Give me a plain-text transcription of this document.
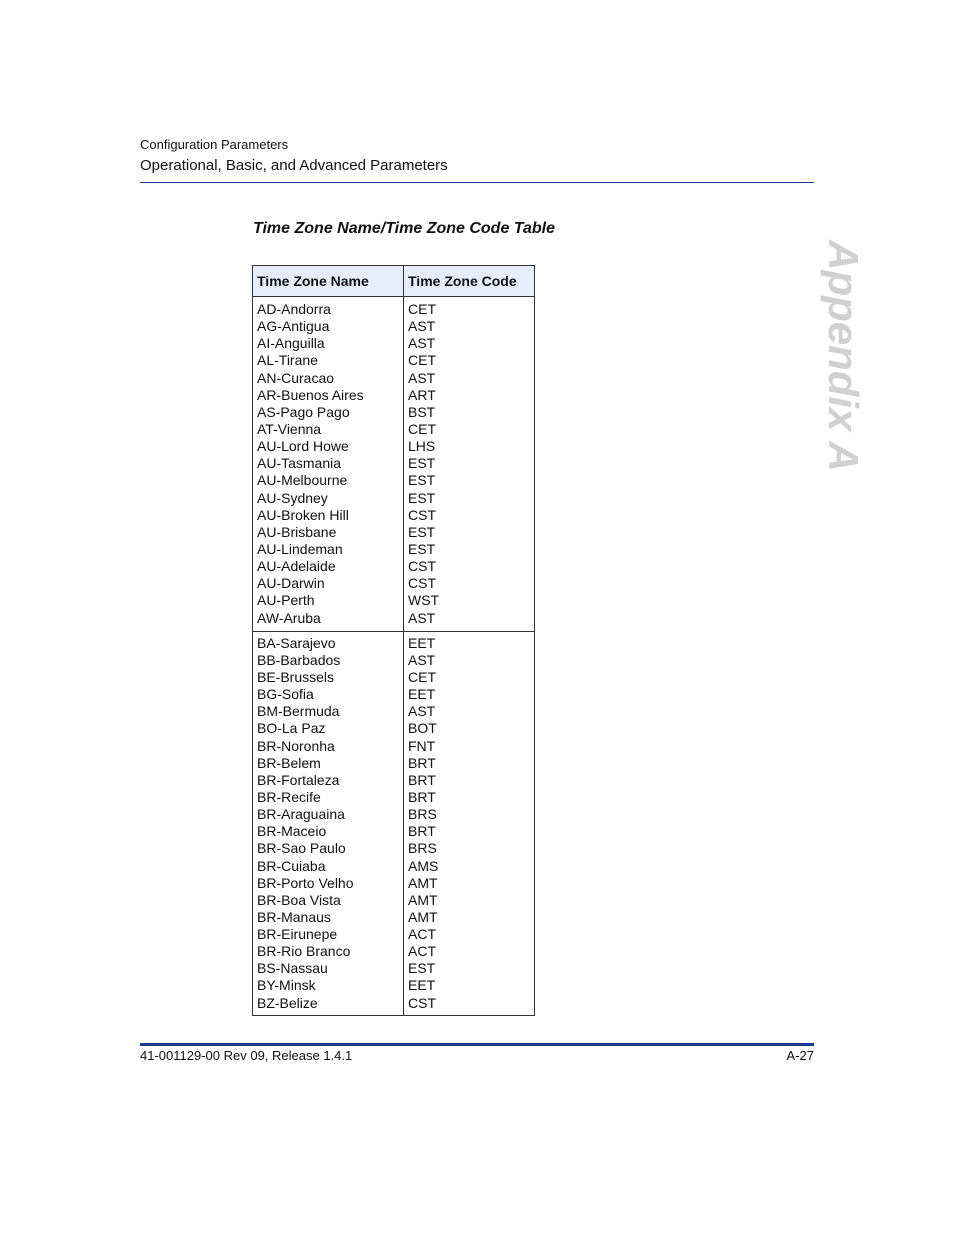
Configuration Parameters
Operational, Basic, and Advanced Parameters
Appendix A
Time Zone Name/Time Zone Code Table
Time Zone Name	Time Zone Code
AD-Andorra
AG-Antigua
AI-Anguilla
AL-Tirane
AN-Curacao
AR-Buenos Aires
AS-Pago Pago
AT-Vienna
AU-Lord Howe
AU-Tasmania
AU-Melbourne
AU-Sydney
AU-Broken Hill
AU-Brisbane
AU-Lindeman
AU-Adelaide
AU-Darwin
AU-Perth
AW-Aruba
CET
AST
AST
CET
AST
ART
BST
CET
LHS
EST
EST
EST
CST
EST
EST
CST
CST
WST
AST
BA-Sarajevo
BB-Barbados
BE-Brussels
BG-Sofia
BM-Bermuda
BO-La Paz
BR-Noronha
BR-Belem
BR-Fortaleza
BR-Recife
BR-Araguaina
BR-Maceio
BR-Sao Paulo
BR-Cuiaba
BR-Porto Velho
BR-Boa Vista
BR-Manaus
BR-Eirunepe
BR-Rio Branco
BS-Nassau
BY-Minsk
BZ-Belize
EET
AST
CET
EET
AST
BOT
FNT
BRT
BRT
BRT
BRS
BRT
BRS
AMS
AMT
AMT
AMT
ACT
ACT
EST
EET
CST
41-001129-00 Rev 09, Release 1.4.1	A-27
